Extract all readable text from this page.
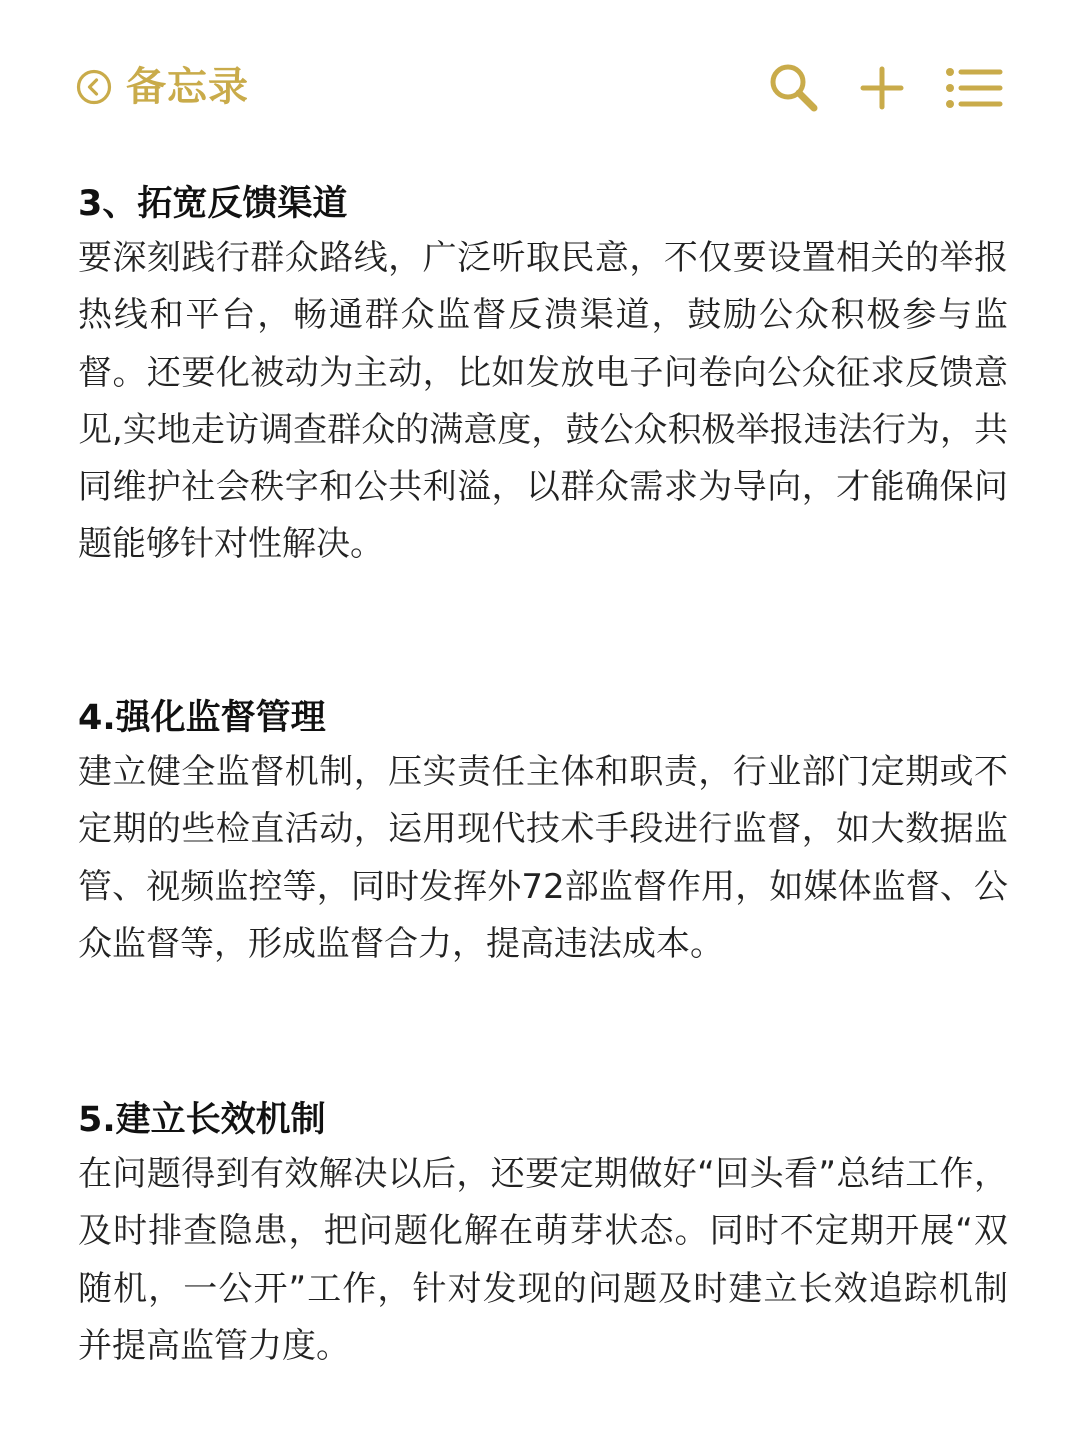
备忘录
3、拓宽反馈渠道

要深刻践行群众路线，广泛听取民意，不仅要设置相关的举报热线和平台，畅通群众监督反溃渠道，鼓励公众积极参与监督。还要化被动为主动，比如发放电子问卷向公众征求反馈意见,实地走访调查群众的满意度，鼓公众积极举报违法行为，共同维护社会秩字和公共利溢，以群众需求为导向，才能确保问题能够针对性解决。

4.强化监督管理

建立健全监督机制，压实责任主体和职责，行业部门定期或不定期的些检直活动，运用现代技术手段进行监督，如大数据监管、视频监控等，同时发挥外72部监督作用，如媒体监督、公众监督等，形成监督合力，提高违法成本。

5.建立长效机制

在问题得到有效解决以后，还要定期做好“回头看”总结工作，及时排查隐患，把问题化解在萌芽状态。同时不定期开展“双随机，一公开”工作，针对发现的问题及时建立长效追踪机制并提高监管力度。
